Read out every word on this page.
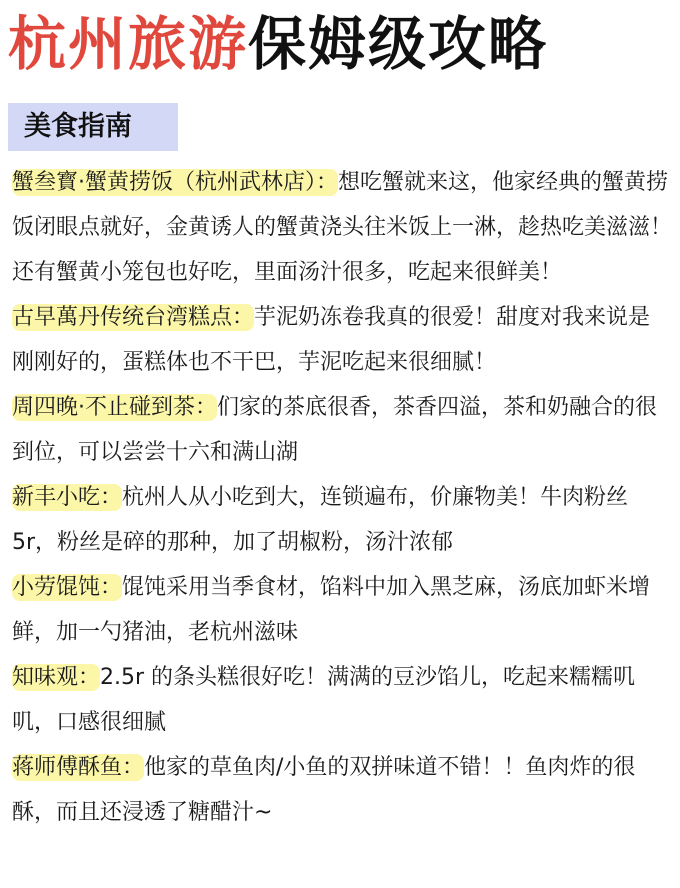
杭州旅游保姆级攻略
美食指南

蟹叁寳·蟹黄捞饭（杭州武林店）：想吃蟹就来这，他家经典的蟹黄捞饭闭眼点就好，金黄诱人的蟹黄浇头往米饭上一淋，趁热吃美滋滋！还有蟹黄小笼包也好吃，里面汤汁很多，吃起来很鲜美！

古早萬丹传统台湾糕点：芋泥奶冻卷我真的很爱！甜度对我来说是刚刚好的，蛋糕体也不干巴，芋泥吃起来很细腻！

周四晚·不止碰到茶：们家的茶底很香，茶香四溢，茶和奶融合的很到位，可以尝尝十六和满山湖

新丰小吃：杭州人从小吃到大，连锁遍布，价廉物美！牛肉粉丝5r，粉丝是碎的那种，加了胡椒粉，汤汁浓郁

小劳馄饨：馄饨采用当季食材，馅料中加入黑芝麻，汤底加虾米增鲜，加一勺猪油，老杭州滋味

知味观：2.5r 的条头糕很好吃！满满的豆沙馅儿，吃起来糯糯叽叽，口感很细腻

蒋师傅酥鱼：他家的草鱼肉/小鱼的双拼味道不错！！鱼肉炸的很酥，而且还浸透了糖醋汁~
